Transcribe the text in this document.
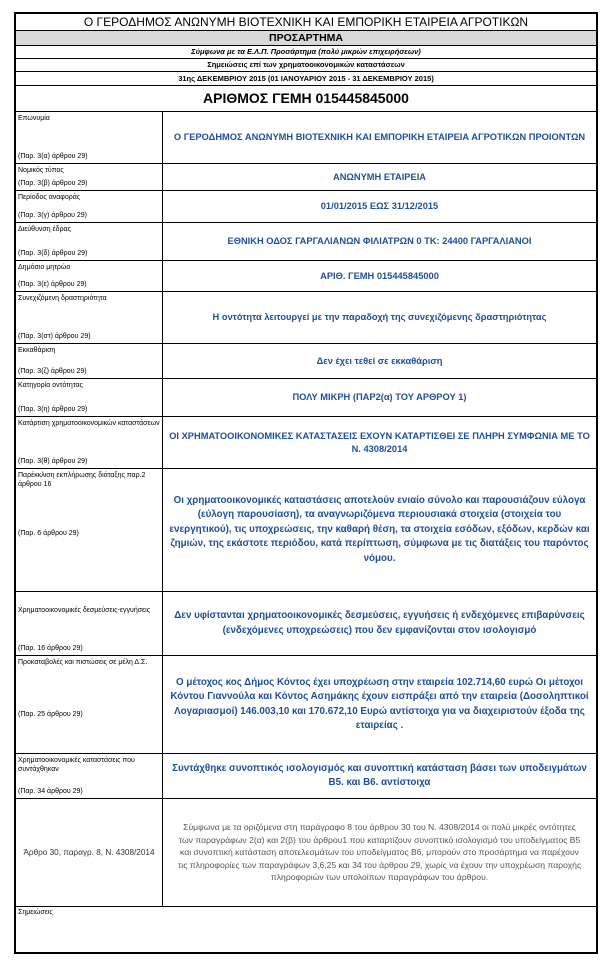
Ο ΓΕΡΟΔΗΜΟΣ ΑΝΩΝΥΜΗ ΒΙΟΤΕΧΝΙΚΗ ΚΑΙ ΕΜΠΟΡΙΚΗ ΕΤΑΙΡΕΙΑ ΑΓΡΟΤΙΚΩΝ
ΠΡΟΣΑΡΤΗΜΑ
Σύμφωνα με τα Ε.Λ.Π. Προσάρτημα (πολύ μικρών επιχειρήσεων)
Σημειώσεις επί των χρηματοοικονομικών καταστάσεων
31ης ΔΕΚΕΜΒΡΙΟΥ 2015 (01 ΙΑΝΟΥΑΡΙΟΥ 2015 - 31 ΔΕΚΕΜΒΡΙΟΥ 2015)
ΑΡΙΘΜΟΣ ΓΕΜΗ 015445845000
Επωνυμία
(Παρ. 3(α) άρθρου 29)
Ο ΓΕΡΟΔΗΜΟΣ ΑΝΩΝΥΜΗ ΒΙΟΤΕΧΝΙΚΗ ΚΑΙ ΕΜΠΟΡΙΚΗ ΕΤΑΙΡΕΙΑ ΑΓΡΟΤΙΚΩΝ ΠΡΟΙΟΝΤΩΝ
Νομικός τύπος
(Παρ. 3(β) άρθρου 29)
ΑΝΩΝΥΜΗ ΕΤΑΙΡΕΙΑ
Περίοδος αναφοράς
(Παρ. 3(γ) άρθρου 29)
01/01/2015 ΕΩΣ 31/12/2015
Διεύθυνση έδρας
(Παρ. 3(δ) άρθρου 29)
ΕΘΝΙΚΗ ΟΔΟΣ ΓΑΡΓΑΛΙΑΝΩΝ ΦΙΛΙΑΤΡΩΝ 0 ΤΚ: 24400 ΓΑΡΓΑΛΙΑΝΟΙ
Δημόσιο μητρώο
(Παρ. 3(ε) άρθρου 29)
ΑΡΙΘ. ΓΕΜΗ 015445845000
Συνεχιζόμενη δραστηριότητα
(Παρ. 3(στ) άρθρου 29)
Η οντότητα λειτουργεί με την παραδοχή της συνεχιζόμενης δραστηριότητας
Εκκαθάριση
(Παρ. 3(ζ) άρθρου 29)
Δεν έχει τεθεί σε εκκαθάριση
Κατηγορία οντότητας
(Παρ. 3(η) άρθρου 29)
ΠΟΛΥ ΜΙΚΡΗ (ΠΑΡ2(α) ΤΟΥ ΑΡΘΡΟΥ 1)
Κατάρτιση χρηματοοικονομικών καταστάσεων
(Παρ. 3(θ) άρθρου 29)
ΟΙ ΧΡΗΜΑΤΟΟΙΚΟΝΟΜΙΚΕΣ ΚΑΤΑΣΤΑΣΕΙΣ ΕΧΟΥΝ ΚΑΤΑΡΤΙΣΘΕΙ ΣΕ ΠΛΗΡΗ ΣΥΜΦΩΝΙΑ ΜΕ ΤΟ Ν. 4308/2014
Παρέκκλιση εκπλήρωσης διάταξης παρ.2 άρθρου 16
(Παρ. 6 άρθρου 29)
Οι χρηματοοικονομικές καταστάσεις αποτελούν ενιαίο σύνολο και παρουσιάζουν εύλογα (εύλογη παρουσίαση), τα αναγνωριζόμενα περιουσιακά στοιχεία (στοιχεία του ενεργητικού), τις υποχρεώσεις, την καθαρή θέση, τα στοιχεία εσόδων, εξόδων, κερδών και ζημιών, της εκάστοτε περιόδου, κατά περίπτωση, σύμφωνα με τις διατάξεις του παρόντος νόμου.
Χρηματοοικονομικές δεσμεύσεις-εγγυήσεις
(Παρ. 16 άρθρου 29)
Δεν υφίστανται χρηματοοικονομικές δεσμεύσεις, εγγυήσεις ή ενδεχόμενες επιβαρύνσεις (ενδεχόμενες υποχρεώσεις) που δεν εμφανίζονται στον ισολογισμό
Προκαταβολές και πιστώσεις σε μέλη Δ.Σ.
(Παρ. 25 άρθρου 29)
Ο μέτοχος κος Δήμος Κόντος έχει υποχρέωση στην εταιρεία 102.714,60 ευρώ Οι μέτοχοι Κόντου Γιαννούλα και Κόντος Ασημάκης έχουν εισπράξει από την εταιρεία (Δοσοληπτικοί Λογαριασμοί) 146.003,10 και 170.672,10 Ευρώ αντίστοιχα για να διαχειριστούν έξοδα της εταιρείας .
Χρηματοοικονομικές καταστάσεις που συντάχθηκαν
(Παρ. 34 άρθρου 29)
Συντάχθηκε συνοπτικός ισολογισμός και συνοπτική κατάσταση βάσει των υποδειγμάτων Β5. και Β6. αντίστοιχα
Άρθρο 30, παραγρ. 8, Ν. 4308/2014
Σύμφωνα με τα οριζόμενα στη παράγραφο 8 του άρθρου 30 του Ν. 4308/2014 οι πολύ μικρές οντότητες των παραγράφων 2(α) και 2(β) του άρθρου1 που καταρτίζουν συνοπτικό ισολογισμό του υποδείγματος Β5 και συνοπτική κατάσταση αποτελεσμάτων του υποδείγματος Β6, μπορούν στο προσάρτημα να παρέχουν τις πληροφορίες των παραγράφων 3,6,25 και 34 του άρθρου 29, χωρίς να έχουν την υποχρέωση παροχής πληροφοριών των υπολοίπων παραγράφων του άρθρου.
Σημειώσεις
